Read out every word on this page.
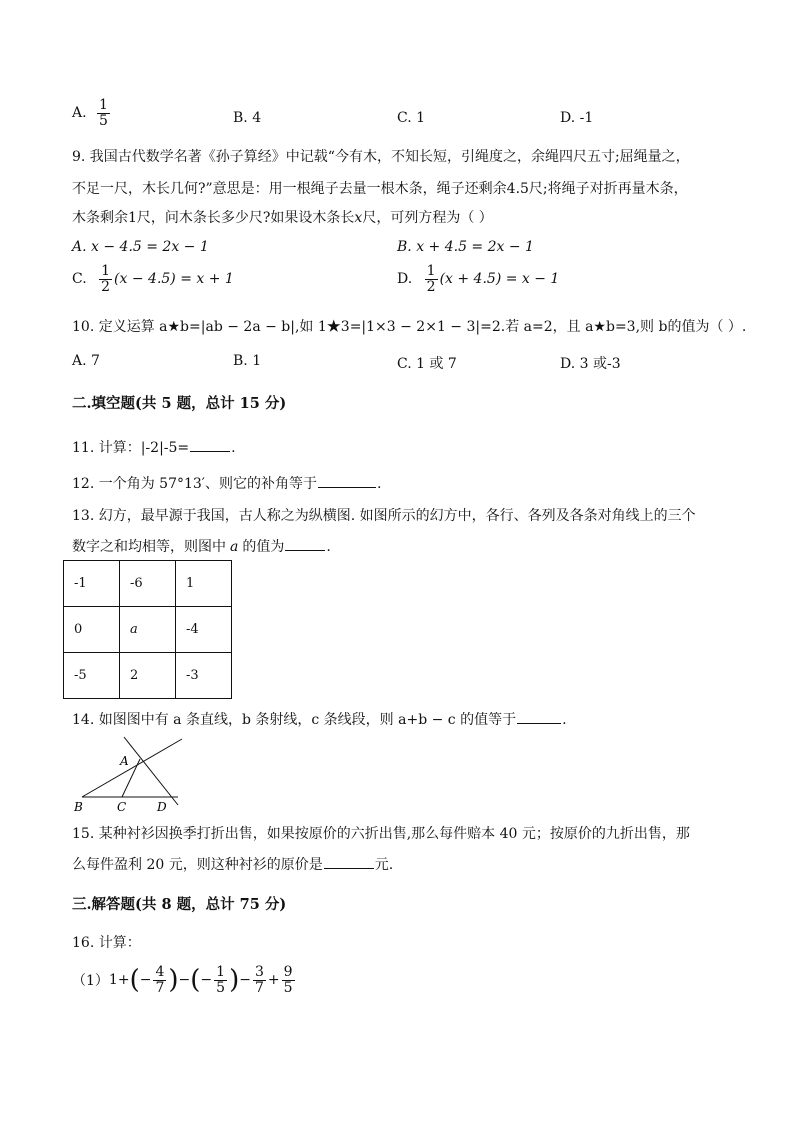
A. $\frac{1}{5}$	B. 4	C. 1	D. -1
9. 我国古代数学名著《孙子算经》中记载“今有木，不知长短，引绳度之，余绳四尺五寸;屈绳量之，
不足一尺，木长几何?”意思是：用一根绳子去量一根木条，绳子还剩余4.5尺;将绳子对折再量木条，
木条剩余1尺，问木条长多少尺?如果设木条长x尺，可列方程为（ ）
A. x − 4.5 = 2x − 1	B. x + 4.5 = 2x − 1
C. $\frac{1}{2} (x - 4.5) = x + 1$	D. $\frac{1}{2} (x + 4.5) = x - 1$
10. 定义运算 a★b=|ab − 2a − b|,如 1★3=|1×3 − 2×1 − 3|=2.若 a=2，且 a★b=3,则 b的值为（ ）.
A. 7	B. 1	C. 1 或 7	D. 3 或-3
二.填空题(共 5 题，总计 15 分)
11. 计算：|-2|-5=	.
12. 一个角为 57°13′、则它的补角等于	.
13. 幻方，最早源于我国，古人称之为纵横图. 如图所示的幻方中，各行、各列及各条对角线上的三个
数字之和均相等，则图中 a 的值为	.
-1	-6	1
0	a	-4
-5	2	-3
14. 如图图中有 a 条直线，b 条射线，c 条线段，则 a+b − c 的值等于	.
A
B	C	D
15. 某种衬衫因换季打折出售，如果按原价的六折出售,那么每件赔本 40 元；按原价的九折出售，那
么每件盈利 20 元，则这种衬衫的原价是	元.
三.解答题(共 8 题，总计 75 分)
16. 计算：
（1） 1+ ( − $\frac{4}{7}$ ) − ( − $\frac{1}{5}$ ) − $\frac{3}{7} + \frac{9}{5}$
